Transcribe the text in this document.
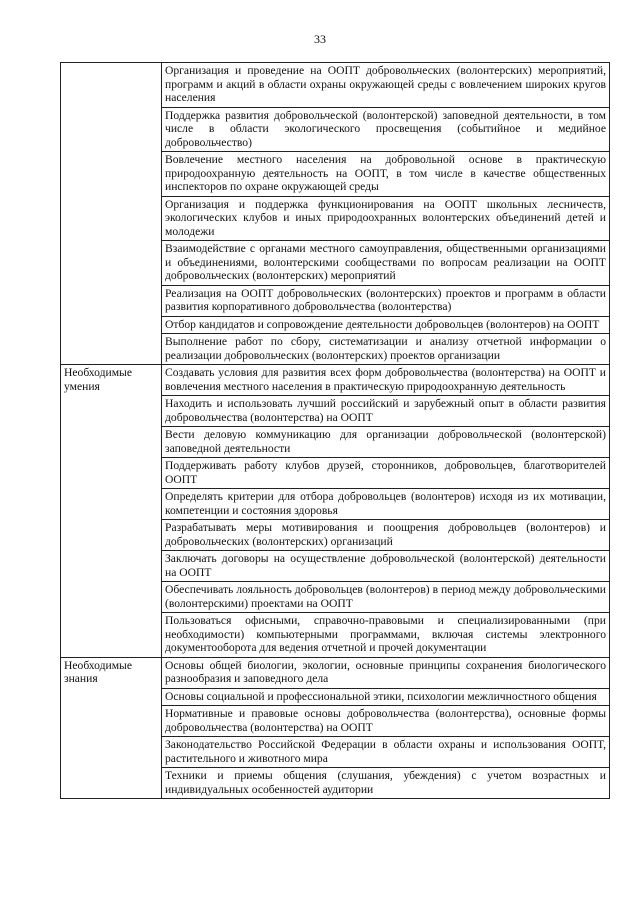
33
	Организация и проведение на ООПТ добровольческих (волонтерских) мероприятий, программ и акций в области охраны окружающей среды с вовлечением широких кругов населения
	Поддержка развития добровольческой (волонтерской) заповедной деятельности, в том числе в области экологического просвещения (событийное и медийное добровольчество)
	Вовлечение местного населения на добровольной основе в практическую природоохранную деятельность на ООПТ, в том числе в качестве общественных инспекторов по охране окружающей среды
	Организация и поддержка функционирования на ООПТ школьных лесничеств, экологических клубов и иных природоохранных волонтерских объединений детей и молодежи
	Взаимодействие с органами местного самоуправления, общественными организациями и объединениями, волонтерскими сообществами по вопросам реализации на ООПТ добровольческих (волонтерских) мероприятий
	Реализация на ООПТ добровольческих (волонтерских) проектов и программ в области развития корпоративного добровольчества (волонтерства)
	Отбор кандидатов и сопровождение деятельности добровольцев (волонтеров) на ООПТ
	Выполнение работ по сбору, систематизации и анализу отчетной информации о реализации добровольческих (волонтерских) проектов организации
Необходимые умения	Создавать условия для развития всех форм добровольчества (волонтерства) на ООПТ и вовлечения местного населения в практическую природоохранную деятельность
	Находить и использовать лучший российский и зарубежный опыт в области развития добровольчества (волонтерства) на ООПТ
	Вести деловую коммуникацию для организации добровольческой (волонтерской) заповедной деятельности
	Поддерживать работу клубов друзей, сторонников, добровольцев, благотворителей ООПТ
	Определять критерии для отбора добровольцев (волонтеров) исходя из их мотивации, компетенции и состояния здоровья
	Разрабатывать меры мотивирования и поощрения добровольцев (волонтеров) и добровольческих (волонтерских) организаций
	Заключать договоры на осуществление добровольческой (волонтерской) деятельности на ООПТ
	Обеспечивать лояльность добровольцев (волонтеров) в период между добровольческими (волонтерскими) проектами на ООПТ
	Пользоваться офисными, справочно-правовыми и специализированными (при необходимости) компьютерными программами, включая системы электронного документооборота для ведения отчетной и прочей документации
Необходимые знания	Основы общей биологии, экологии, основные принципы сохранения биологического разнообразия и заповедного дела
	Основы социальной и профессиональной этики, психологии межличностного общения
	Нормативные и правовые основы добровольчества (волонтерства), основные формы добровольчества (волонтерства) на ООПТ
	Законодательство Российской Федерации в области охраны и использования ООПТ, растительного и животного мира
	Техники и приемы общения (слушания, убеждения) с учетом возрастных и индивидуальных особенностей аудитории
